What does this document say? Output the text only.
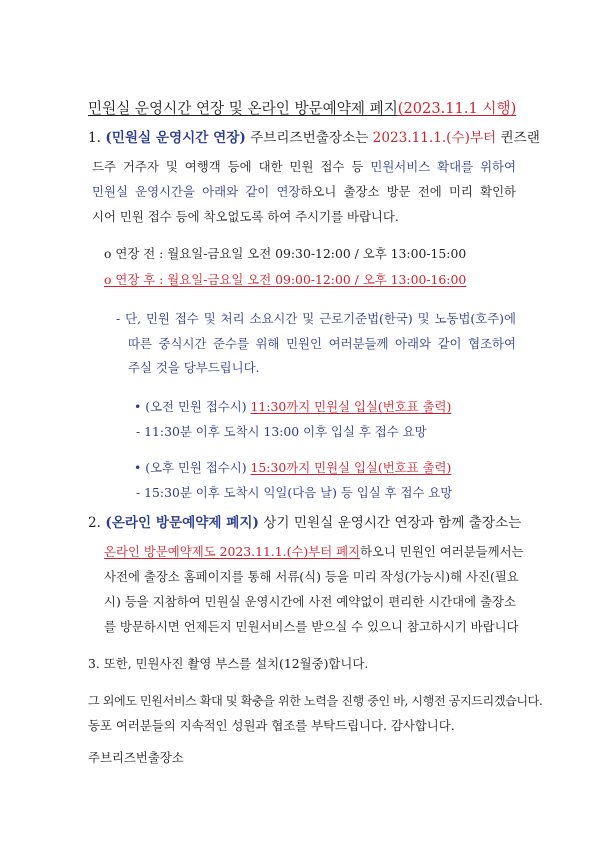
민원실 운영시간 연장 및 온라인 방문예약제 폐지(2023.11.1 시행)
1. (민원실 운영시간 연장) 주브리즈번출장소는 2023.11.1.(수)부터 퀸즈랜
드주 거주자 및 여행객 등에 대한 민원 접수 등 민원서비스 확대를 위하여
민원실 운영시간을 아래와 같이 연장하오니 출장소 방문 전에 미리 확인하
시어 민원 접수 등에 착오없도록 하여 주시기를 바랍니다.
o 연장 전 : 월요일-금요일 오전 09:30-12:00 / 오후 13:00-15:00
o 연장 후 : 월요일-금요일 오전 09:00-12:00 / 오후 13:00-16:00
- 단, 민원 접수 및 처리 소요시간 및 근로기준법(한국) 및 노동법(호주)에
따른 중식시간 준수를 위해 민원인 여러분들께 아래와 같이 협조하여
주실 것을 당부드립니다.
• (오전 민원 접수시) 11:30까지 민원실 입실(번호표 출력)
- 11:30분 이후 도착시 13:00 이후 입실 후 접수 요망
• (오후 민원 접수시) 15:30까지 민원실 입실(번호표 출력)
- 15:30분 이후 도착시 익일(다음 날) 등 입실 후 접수 요망
2. (온라인 방문예약제 폐지) 상기 민원실 운영시간 연장과 함께 출장소는
온라인 방문예약제도 2023.11.1.(수)부터 폐지하오니 민원인 여러분들께서는
사전에 출장소 홈페이지를 통해 서류(식) 등을 미리 작성(가능시)해 사진(필요
시) 등을 지참하여 민원실 운영시간에 사전 예약없이 편리한 시간대에 출장소
를 방문하시면 언제든지 민원서비스를 받으실 수 있으니 참고하시기 바랍니다
3. 또한, 민원사진 촬영 부스를 설치(12월중)합니다.
그 외에도 민원서비스 확대 및 확충을 위한 노력을 진행 중인 바, 시행전 공지드리겠습니다.
동포 여러분들의 지속적인 성원과 협조를 부탁드립니다. 감사합니다.
주브리즈번출장소
